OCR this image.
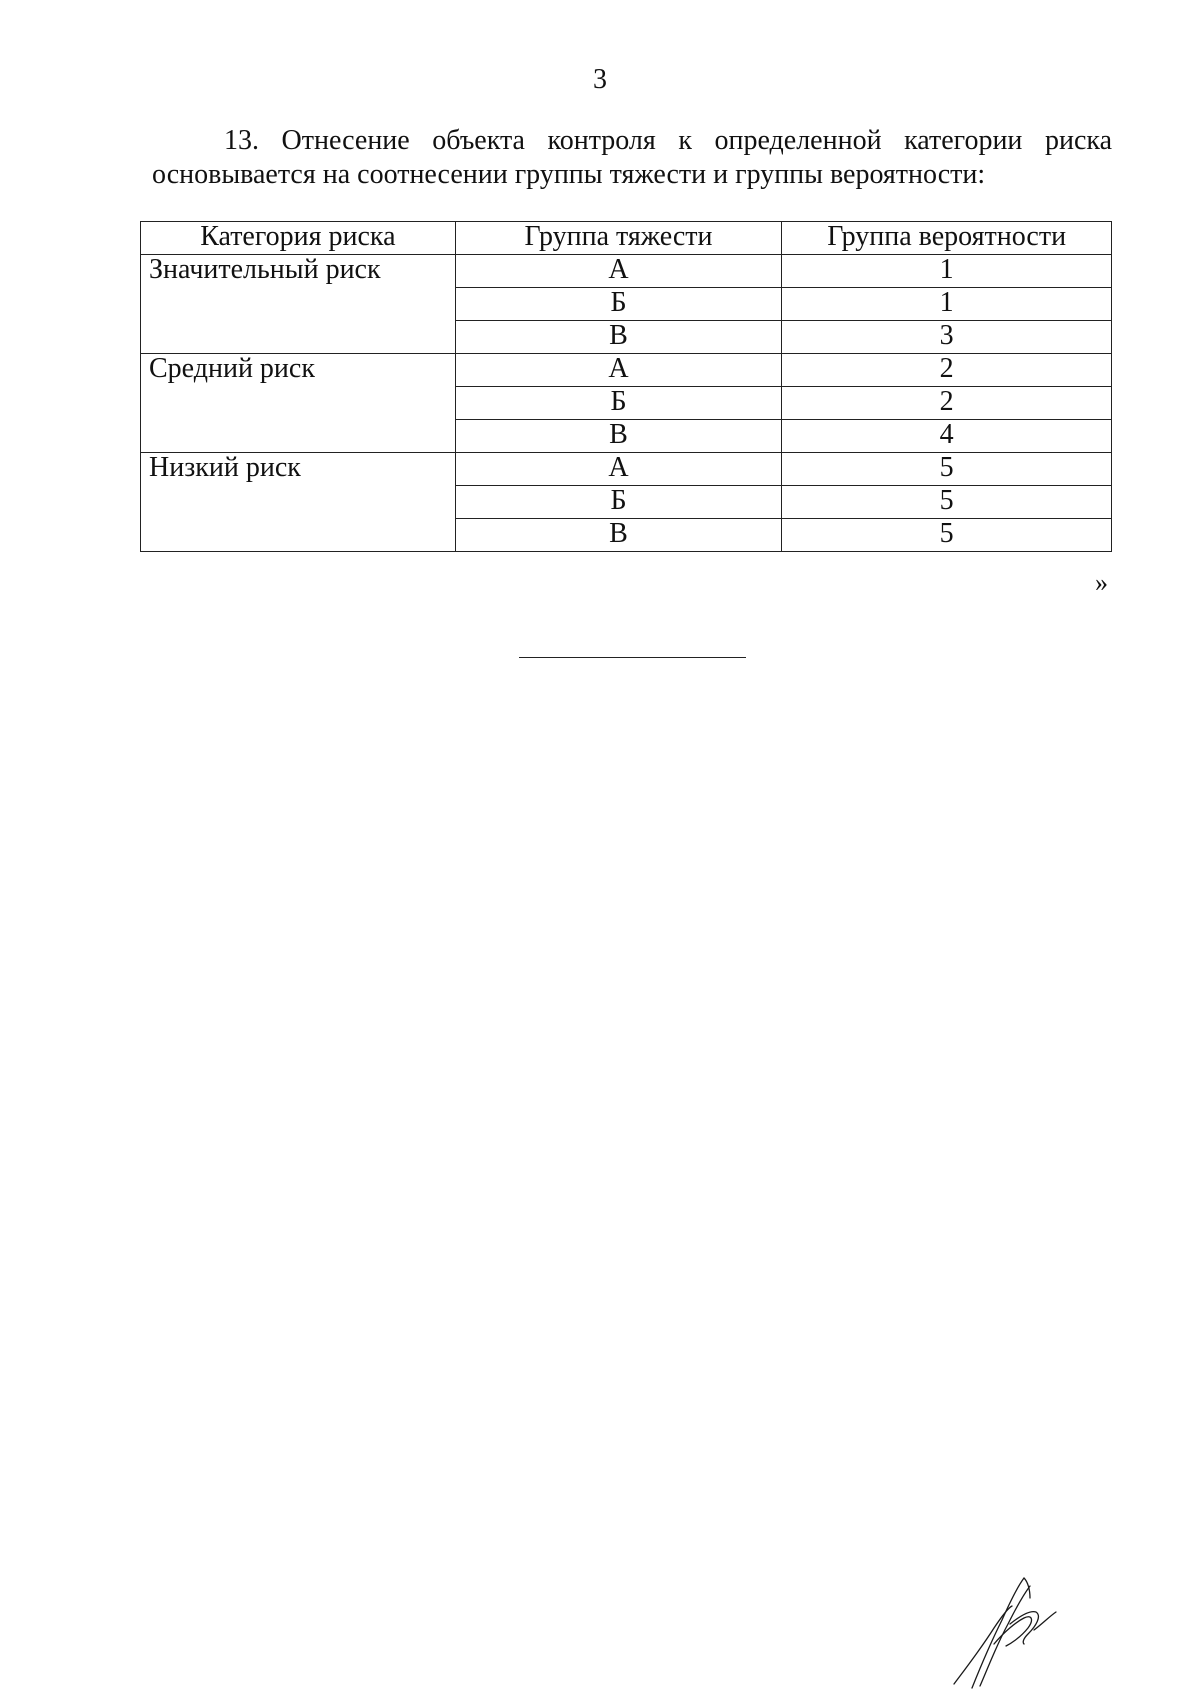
3

13. Отнесение объекта контроля к определенной категории риска
основывается на соотнесении группы тяжести и группы вероятности:

Категория риска	Группа тяжести	Группа вероятности
Значительный риск	А	1
	Б	1
	В	3
Средний риск	А	2
	Б	2
	В	4
Низкий риск	А	5
	Б	5
	В	5
»
